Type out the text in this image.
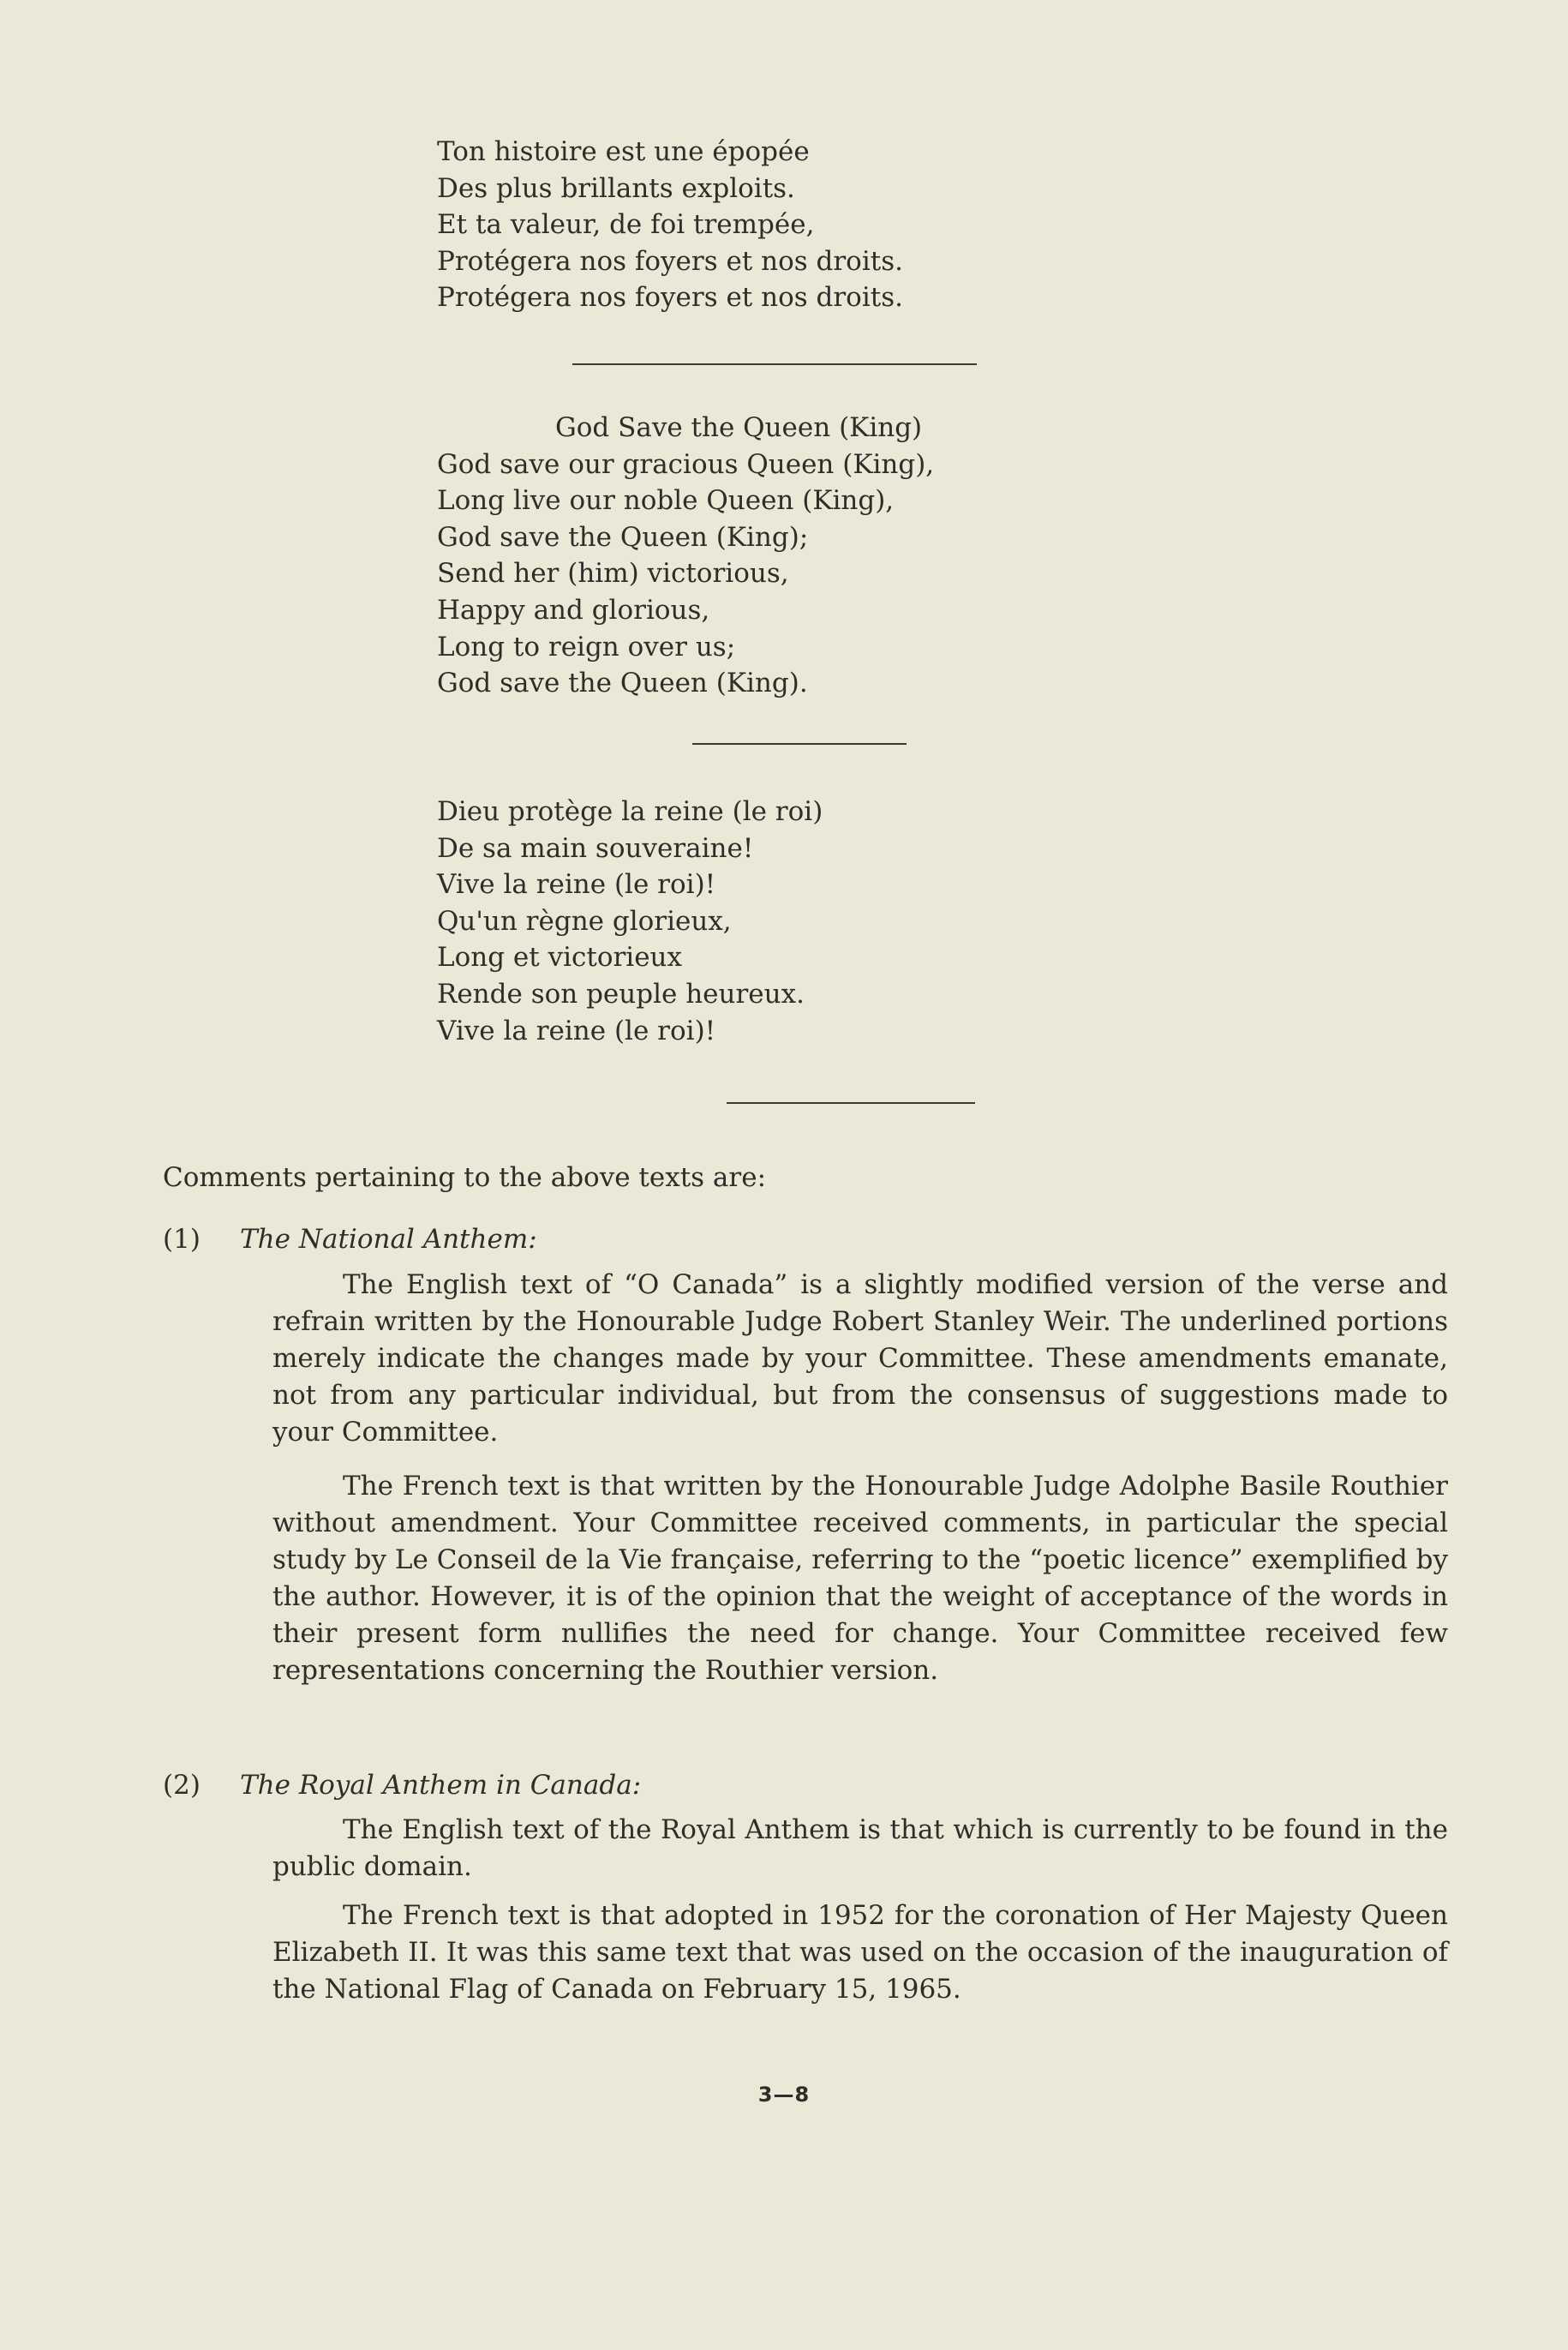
Ton histoire est une épopée
Des plus brillants exploits.
Et ta valeur, de foi trempée,
Protégera nos foyers et nos droits.
Protégera nos foyers et nos droits.
God Save the Queen (King)
God save our gracious Queen (King),
Long live our noble Queen (King),
God save the Queen (King);
Send her (him) victorious,
Happy and glorious,
Long to reign over us;
God save the Queen (King).
Dieu protège la reine (le roi)
De sa main souveraine!
Vive la reine (le roi)!
Qu'un règne glorieux,
Long et victorieux
Rende son peuple heureux.
Vive la reine (le roi)!
Comments pertaining to the above texts are:
(1) The National Anthem:
The English text of “O Canada” is a slightly modified version of the verse and refrain written by the Honourable Judge Robert Stanley Weir. The underlined portions merely indicate the changes made by your Committee. These amendments emanate, not from any particular individual, but from the consensus of suggestions made to your Committee.
The French text is that written by the Honourable Judge Adolphe Basile Routhier without amendment. Your Committee received comments, in particular the special study by Le Conseil de la Vie française, referring to the “poetic licence” exemplified by the author. However, it is of the opinion that the weight of acceptance of the words in their present form nullifies the need for change. Your Committee received few representations concerning the Routhier version.
(2) The Royal Anthem in Canada:
The English text of the Royal Anthem is that which is currently to be found in the public domain.
The French text is that adopted in 1952 for the coronation of Her Majesty Queen Elizabeth II. It was this same text that was used on the occasion of the inauguration of the National Flag of Canada on February 15, 1965.
3—8
